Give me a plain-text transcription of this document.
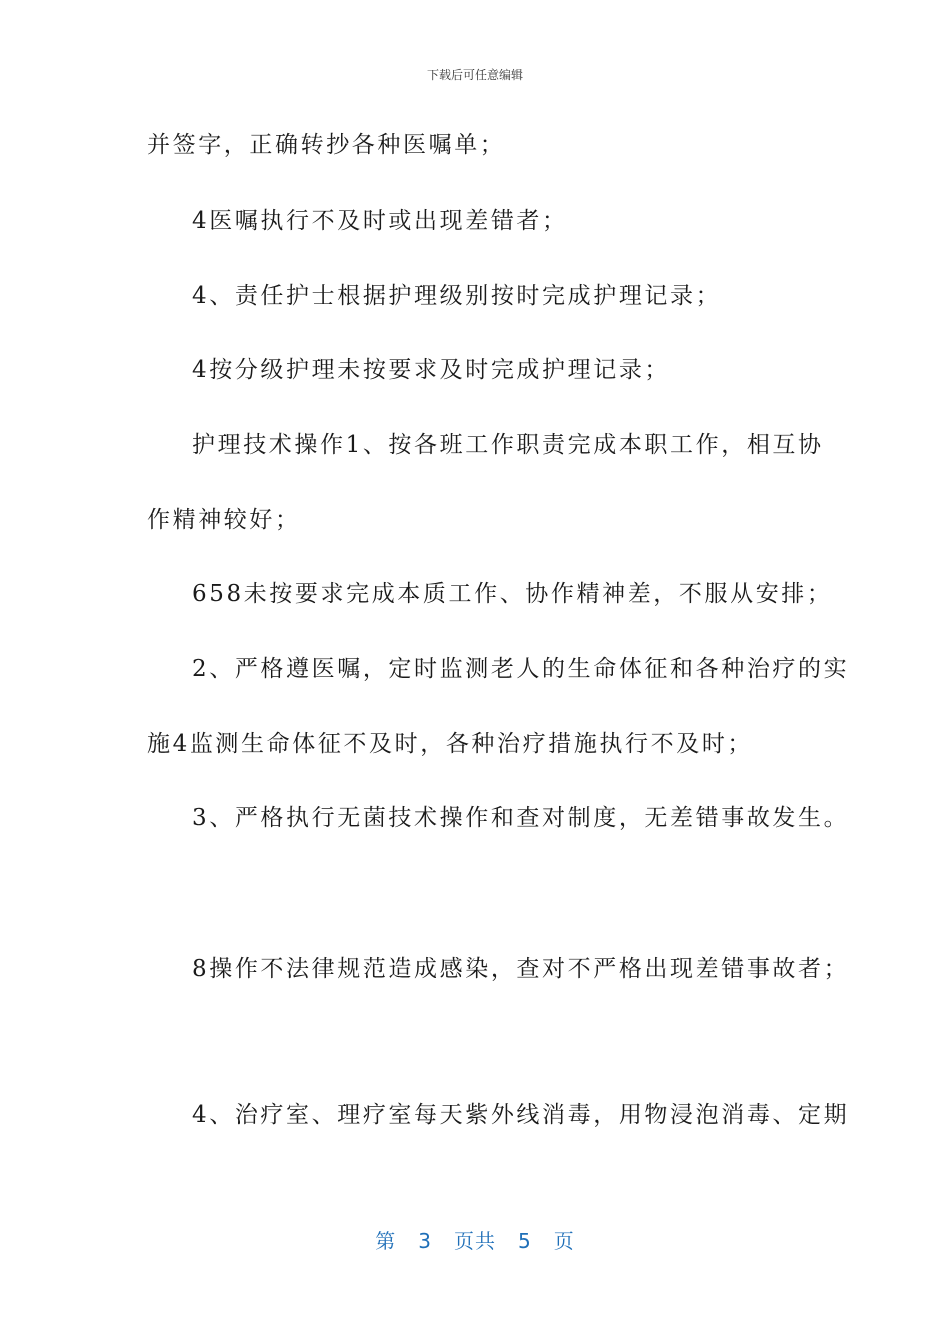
下载后可任意编辑
并签字，正确转抄各种医嘱单；
4医嘱执行不及时或出现差错者；
4、责任护士根据护理级别按时完成护理记录；
4按分级护理未按要求及时完成护理记录；
护理技术操作1、按各班工作职责完成本职工作，相互协
作精神较好；
658未按要求完成本质工作、协作精神差，不服从安排；
2、严格遵医嘱，定时监测老人的生命体征和各种治疗的实
施4监测生命体征不及时，各种治疗措施执行不及时；
3、严格执行无菌技术操作和查对制度，无差错事故发生。
8操作不法律规范造成感染，查对不严格出现差错事故者；
4、治疗室、理疗室每天紫外线消毒，用物浸泡消毒、定期
第 3 页共 5 页
